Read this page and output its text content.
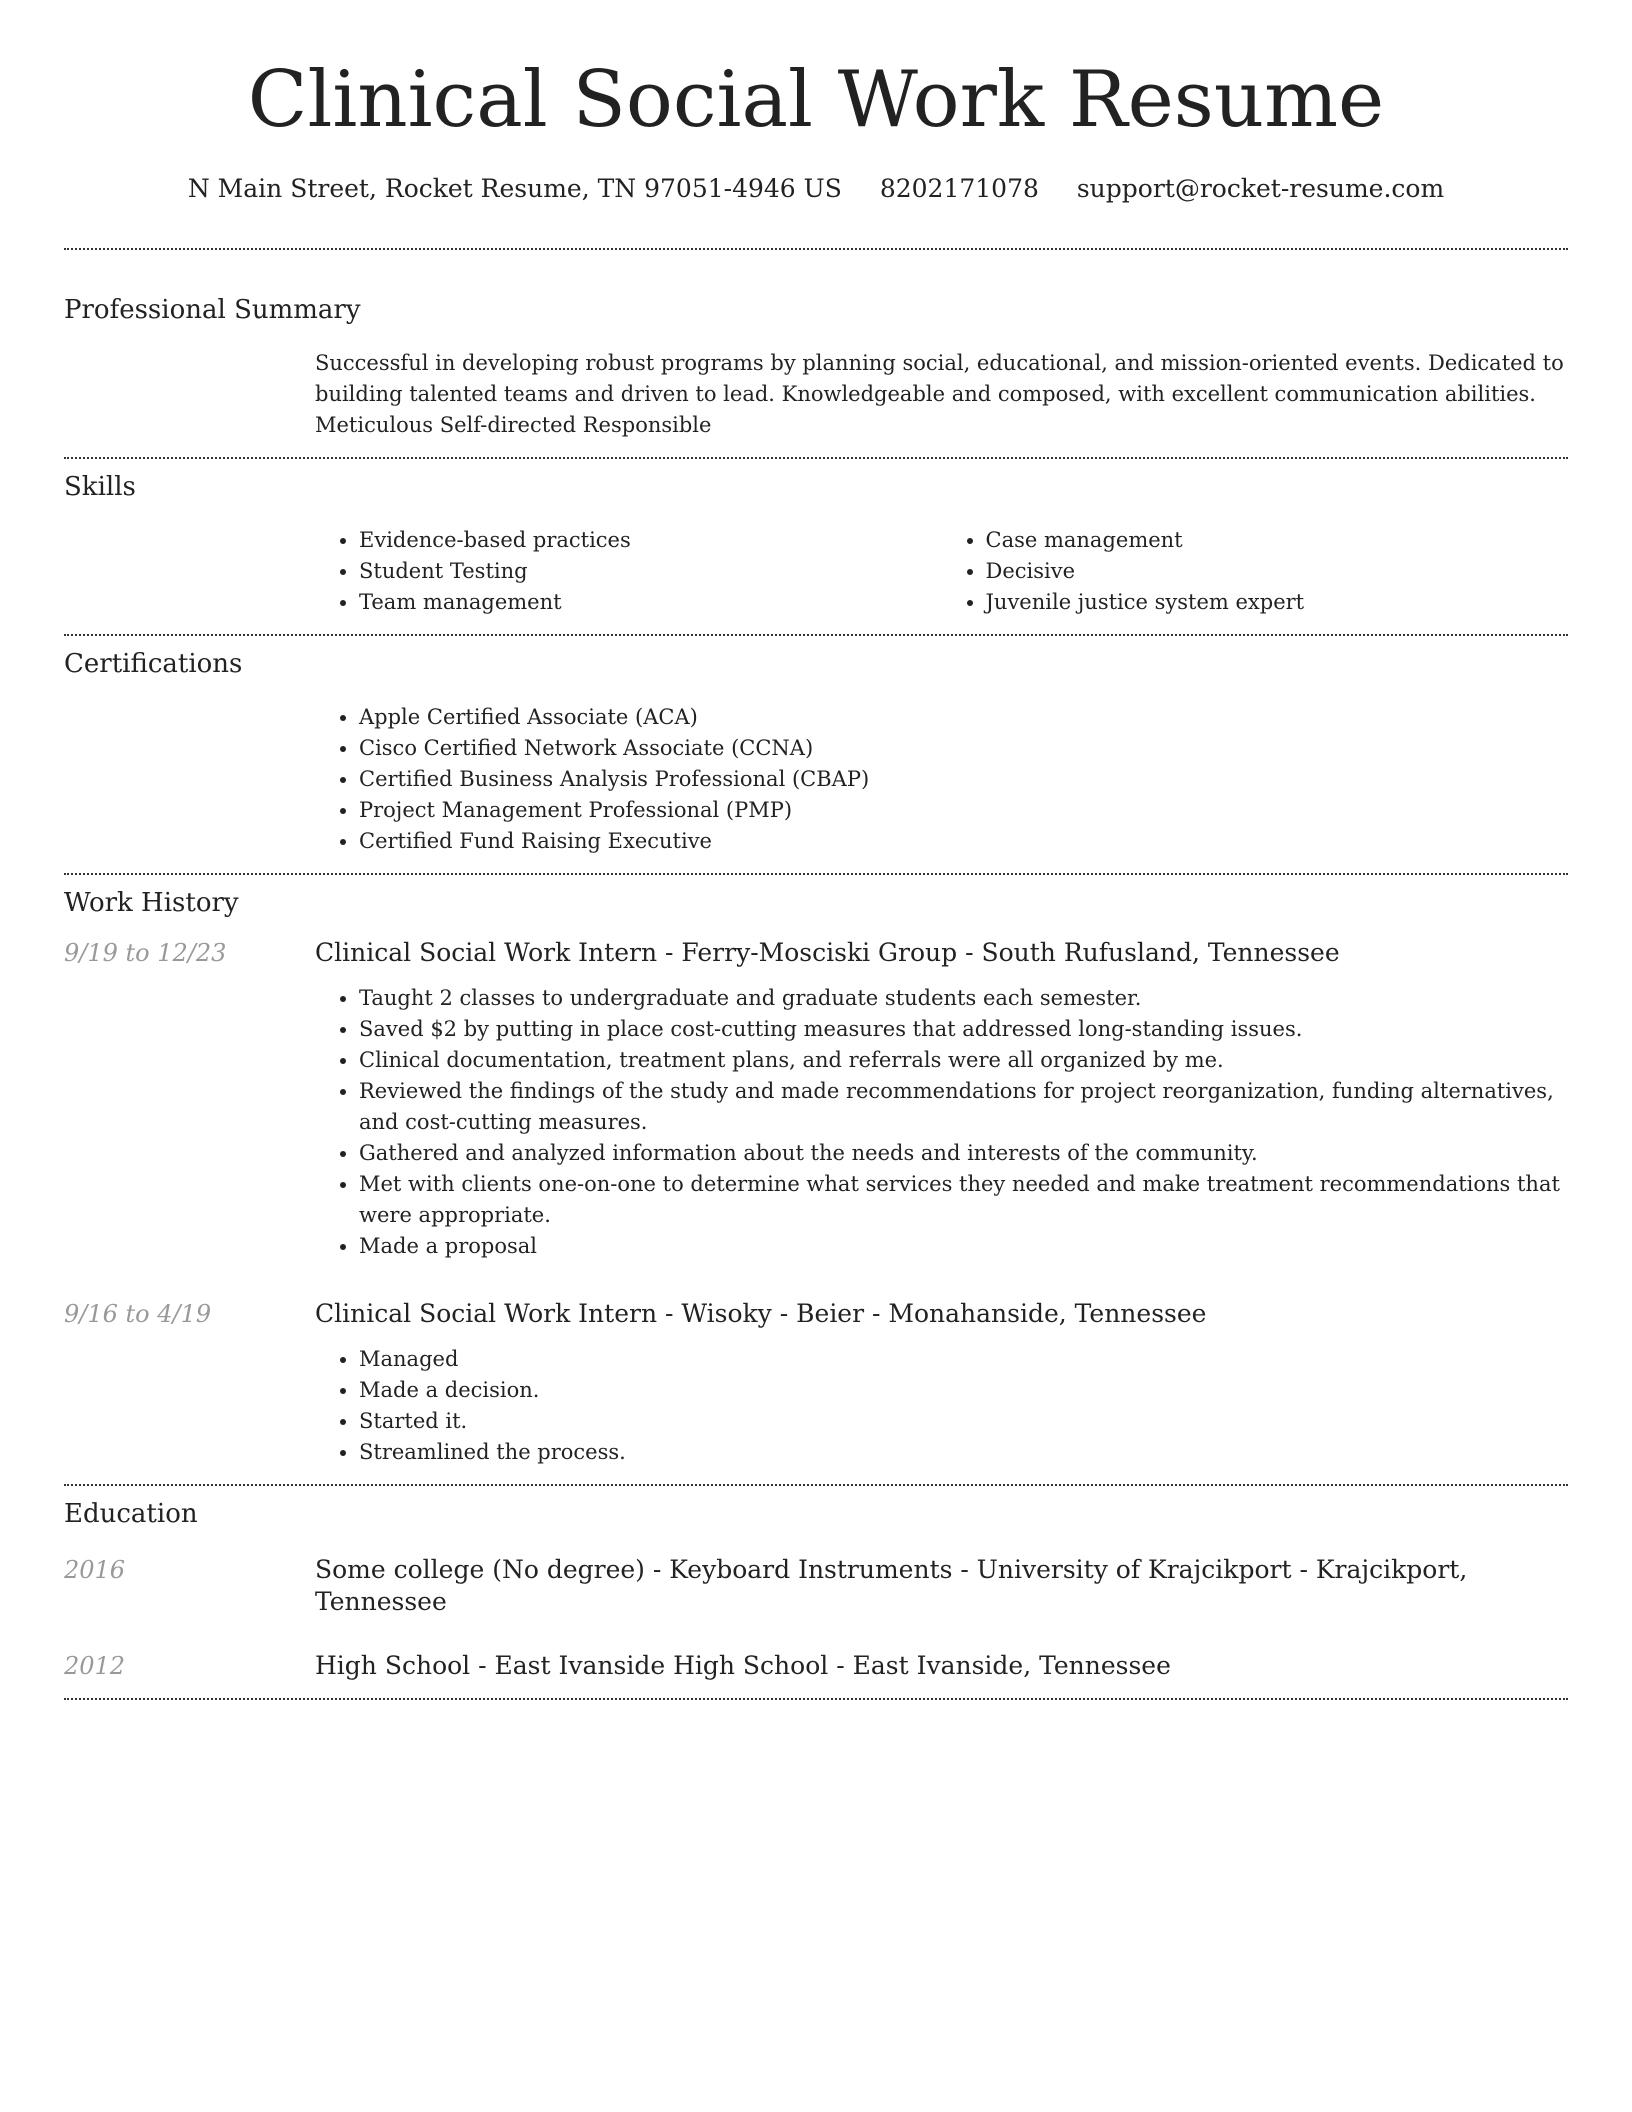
Clinical Social Work Resume
N Main Street, Rocket Resume, TN 97051-4946 US 8202171078 support@rocket-resume.com
Professional Summary
Successful in developing robust programs by planning social, educational, and mission-oriented events. Dedicated to building talented teams and driven to lead. Knowledgeable and composed, with excellent communication abilities. Meticulous Self-directed Responsible
Skills
• Evidence-based practices
• Student Testing
• Team management
• Case management
• Decisive
• Juvenile justice system expert
Certifications
• Apple Certified Associate (ACA)
• Cisco Certified Network Associate (CCNA)
• Certified Business Analysis Professional (CBAP)
• Project Management Professional (PMP)
• Certified Fund Raising Executive
Work History
9/19 to 12/23	Clinical Social Work Intern - Ferry-Mosciski Group - South Rufusland, Tennessee
• Taught 2 classes to undergraduate and graduate students each semester.
• Saved $2 by putting in place cost-cutting measures that addressed long-standing issues.
• Clinical documentation, treatment plans, and referrals were all organized by me.
• Reviewed the findings of the study and made recommendations for project reorganization, funding alternatives, and cost-cutting measures.
• Gathered and analyzed information about the needs and interests of the community.
• Met with clients one-on-one to determine what services they needed and make treatment recommendations that were appropriate.
• Made a proposal
9/16 to 4/19	Clinical Social Work Intern - Wisoky - Beier - Monahanside, Tennessee
• Managed
• Made a decision.
• Started it.
• Streamlined the process.
Education
2016	Some college (No degree) - Keyboard Instruments - University of Krajcikport - Krajcikport, Tennessee
2012	High School - East Ivanside High School - East Ivanside, Tennessee
